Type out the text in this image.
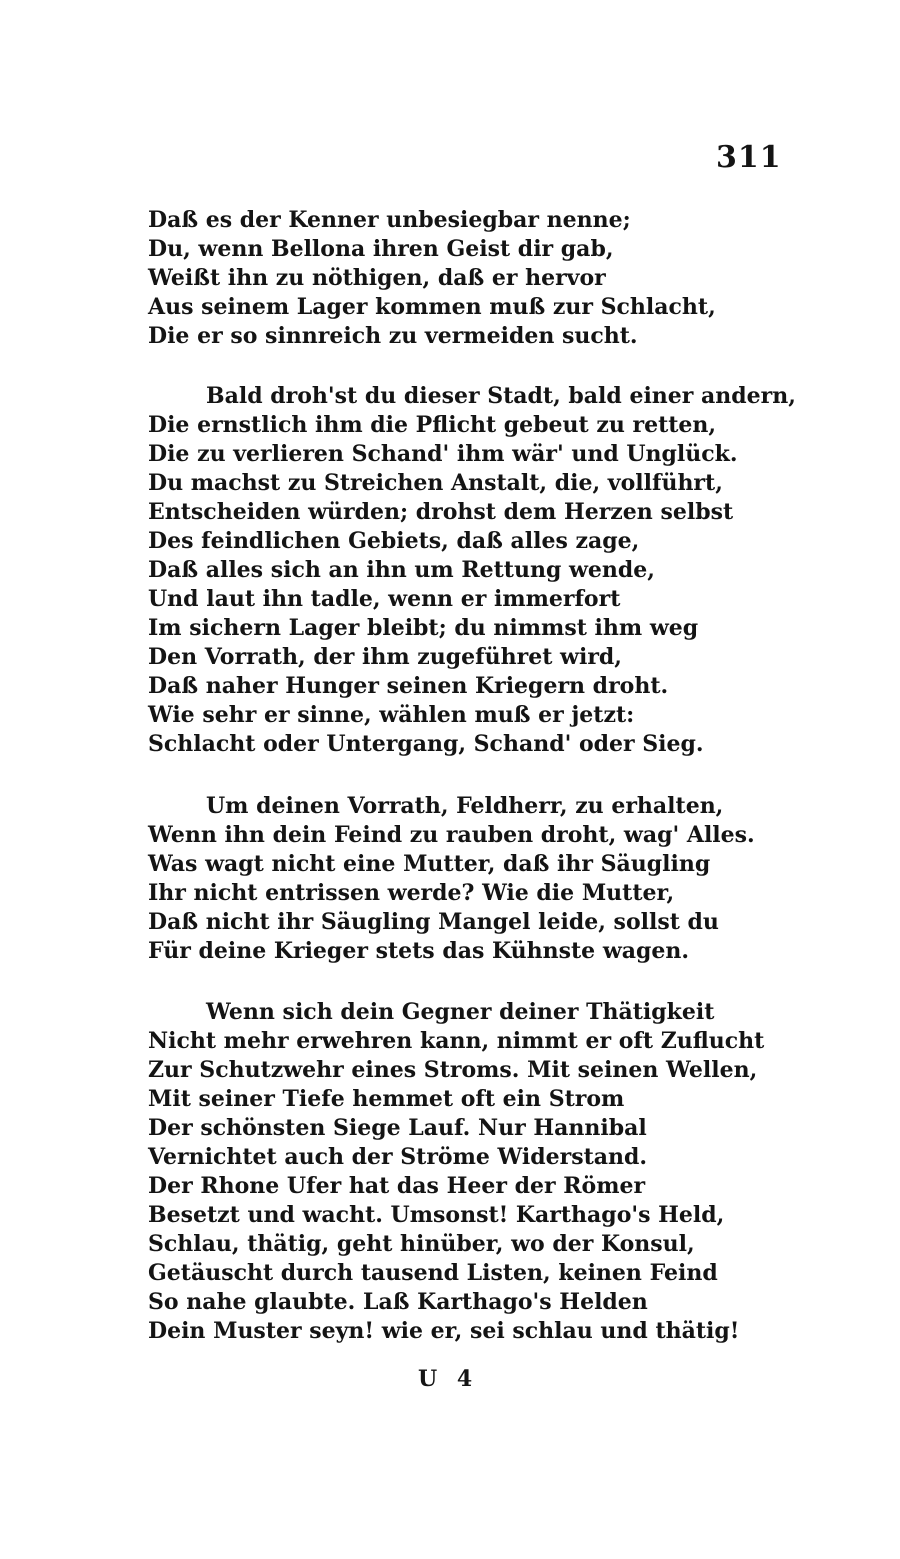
311
Daß es der Kenner unbesiegbar nenne;
Du, wenn Bellona ihren Geist dir gab,
Weißt ihn zu nöthigen, daß er hervor
Aus seinem Lager kommen muß zur Schlacht,
Die er so sinnreich zu vermeiden sucht.
Bald droh'st du dieser Stadt, bald einer andern,
Die ernstlich ihm die Pflicht gebeut zu retten,
Die zu verlieren Schand' ihm wär' und Unglück.
Du machst zu Streichen Anstalt, die, vollführt,
Entscheiden würden; drohst dem Herzen selbst
Des feindlichen Gebiets, daß alles zage,
Daß alles sich an ihn um Rettung wende,
Und laut ihn tadle, wenn er immerfort
Im sichern Lager bleibt; du nimmst ihm weg
Den Vorrath, der ihm zugeführet wird,
Daß naher Hunger seinen Kriegern droht.
Wie sehr er sinne, wählen muß er jetzt:
Schlacht oder Untergang, Schand' oder Sieg.
Um deinen Vorrath, Feldherr, zu erhalten,
Wenn ihn dein Feind zu rauben droht, wag' Alles.
Was wagt nicht eine Mutter, daß ihr Säugling
Ihr nicht entrissen werde? Wie die Mutter,
Daß nicht ihr Säugling Mangel leide, sollst du
Für deine Krieger stets das Kühnste wagen.
Wenn sich dein Gegner deiner Thätigkeit
Nicht mehr erwehren kann, nimmt er oft Zuflucht
Zur Schutzwehr eines Stroms. Mit seinen Wellen,
Mit seiner Tiefe hemmet oft ein Strom
Der schönsten Siege Lauf. Nur Hannibal
Vernichtet auch der Ströme Widerstand.
Der Rhone Ufer hat das Heer der Römer
Besetzt und wacht. Umsonst! Karthago's Held,
Schlau, thätig, geht hinüber, wo der Konsul,
Getäuscht durch tausend Listen, keinen Feind
So nahe glaubte. Laß Karthago's Helden
Dein Muster seyn! wie er, sei schlau und thätig!
U 4
